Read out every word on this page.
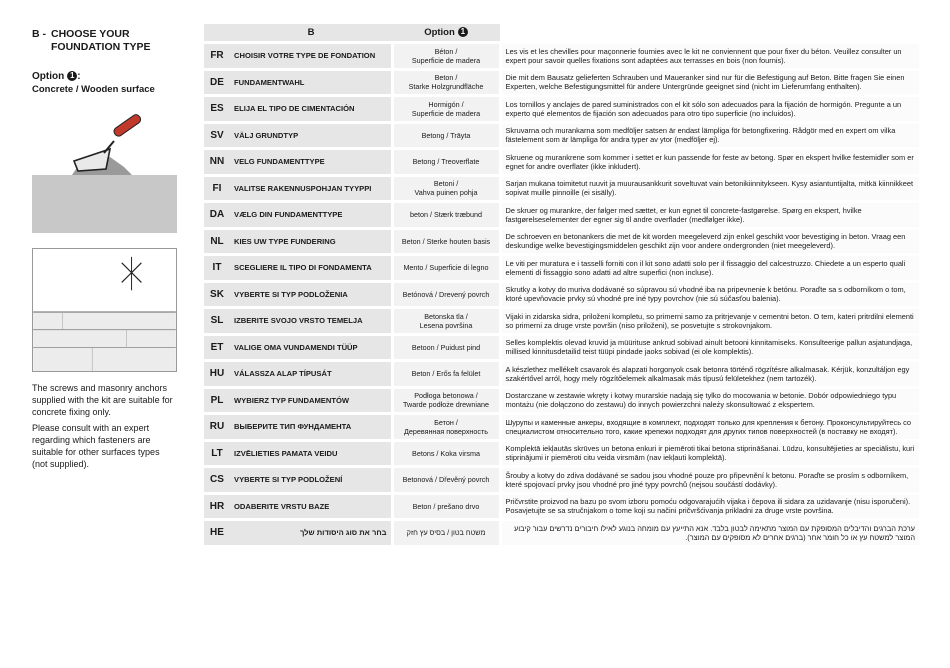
B - CHOOSE YOUR FOUNDATION TYPE
Option 1 :
Concrete / Wooden surface

The screws and masonry anchors supplied with the kit are suitable for concrete fixing only.

Please consult with an expert regarding which fasteners are suitable for other surfaces types (not supplied).

	B	Option 1	
FR	CHOISIR VOTRE TYPE DE FONDATION	Béton /
Superficie de madera	Les vis et les chevilles pour maçonnerie fournies avec le kit ne conviennent que pour fixer du béton. Veuillez consulter un expert pour savoir quelles fixations sont adaptées aux terrasses en bois (non fournis).
DE	FUNDAMENTWAHL	Beton /
Starke Holzgrundfläche	Die mit dem Bausatz gelieferten Schrauben und Maueranker sind nur für die Befestigung auf Beton. Bitte fragen Sie einen Experten, welche Befestigungsmittel für andere Untergründe geeignet sind (nicht im Lieferumfang enthalten).
ES	ELIJA EL TIPO DE CIMENTACIÓN	Hormigón /
Superficie de madera	Los tornillos y anclajes de pared suministrados con el kit sólo son adecuados para la fijación de hormigón. Pregunte a un experto qué elementos de fijación son adecuados para otro tipo superficie (no incluidos).
SV	VÄLJ GRUNDTYP	Betong / Trāyta	Skruvarna och murankarna som medföljer satsen är endast lämpliga för betongfixering. Rådgör med en expert om vilka fästelement som är lämpliga för andra typer av ytor (medföljer ej).
NN	VELG FUNDAMENTTYPE	Betong / Treoverflate	Skruene og murankrene som kommer i settet er kun passende for feste av betong. Spør en ekspert hvilke festemidler som er egnet for andre overflater (ikke inkludert).
FI	VALITSE RAKENNUSPOHJAN TYYPPI	Betoni /
Vahva puinen pohja	Sarjan mukana toimitetut ruuvit ja muurausankkurit soveltuvat vain betonikiinnitykseen. Kysy asiantuntijalta, mitkä kiinnikkeet sopivat muille pinnoille (ei sisälly).
DA	VÆLG DIN FUNDAMENTTYPE	beton / Stærk træbund	De skruer og murankre, der følger med sættet, er kun egnet til concrete-fastgørelse. Spørg en ekspert, hvilke fastgørelseselementer der egner sig til andre overflader (medfølger ikke).
NL	KIES UW TYPE FUNDERING	Beton / Sterke houten basis	De schroeven en betonankers die met de kit worden meegeleverd zijn enkel geschikt voor bevestiging in beton. Vraag een deskundige welke bevestigingsmiddelen geschikt zijn voor andere ondergronden (niet meegeleverd).
IT	SCEGLIERE IL TIPO DI FONDAMENTA	Mento / Superficie di legno	Le viti per muratura e i tasselli forniti con il kit sono adatti solo per il fissaggio del calcestruzzo. Chiedete a un esperto quali elementi di fissaggio sono adatti ad altre superfici (non incluse).
SK	VYBERTE SI TYP PODLOŽENIA	Betónová / Drevený povrch	Skrutky a kotvy do muriva dodávané so súpravou sú vhodné iba na pripevnenie k betónu. Poraďte sa s odborníkom o tom, ktoré upevňovacie prvky sú vhodné pre iné typy povrchov (nie sú súčasťou balenia).
SL	IZBERITE SVOJO VRSTO TEMELJA	Betonska tla /
Lesena površina	Vijaki in zidarska sidra, priloženi kompletu, so primerni samo za pritrjevanje v cementni beton. O tem, kateri pritrdilni elementi so primerni za druge vrste površin (niso priloženi), se posvetujte s strokovnjakom.
ET	VALIGE OMA VUNDAMENDI TÜÜP	Betoon / Puidust pind	Selles komplektis olevad kruvid ja müürituse ankrud sobivad ainult betooni kinnitamiseks. Konsulteerige pallun asjatundjaga, millised kinnitusdetailid teist tüüpi pindade jaoks sobivad (ei ole komplektis).
HU	VÁLASSZA ALAP TÍPUSÁT	Beton / Erős fa felület	A készlethez mellékelt csavarok és alapzati horgonyok csak betonra történő rögzítésre alkalmasak. Kérjük, konzultáljon egy szakértővel arról, hogy mely rögzítőelemek alkalmasak más típusú felületekhez (nem tartozék).
PL	WYBIERZ TYP FUNDAMENTÓW	Podłoga betonowa /
Twarde podłoże drewniane	Dostarczane w zestawie wkręty i kotwy murarskie nadają się tylko do mocowania w betonie. Dobór odpowiedniego typu montażu (nie dołączono do zestawu) do innych powierzchni należy skonsultować z ekspertem.
RU	ВЫБЕРИТЕ ТИП ФУНДАМЕНТА	Бетон /
Деревянная поверхность	Шурупы и каменные анкеры, входящие в комплект, подходят только для крепления к бетону. Проконсультируйтесь со специалистом относительно того, какие крепежи подходят для других типов поверхностей (в поставку не входят).
LT	IZVĒLIETIES PAMATA VEIDU	Betons / Koka virsma	Komplektā iekļautās skrūves un betona enkuri ir piemēroti tikai betona stiprināšanai. Lūdzu, konsultējieties ar speciālistu, kuri stiprinājumi ir piemēroti citu veida virsmām (nav iekļauti komplektā).
CS	VYBERTE SI TYP PODLOŽENÍ	Betonová / Dřevěný povrch	Šrouby a kotvy do zdiva dodávané se sadou jsou vhodné pouze pro připevnění k betonu. Poraďte se prosím s odborníkem, které spojovací prvky jsou vhodné pro jiné typy povrchů (nejsou součástí dodávky).
HR	ODABERITE VRSTU BAZE	Beton / prešano drvo	Pričvrstite proizvod na bazu po svom izboru pomoću odgovarajućih vijaka i čepova ili sidara za uzidavanje (nisu isporučeni). Posavjetujte se sa stručnjakom o tome koji su načini pričvršćivanja prikladni za druge vrste površina.
HE	בחר את סוג היסודות שלך	משטח בטון / בסיס עץ חזק	ערכת הברגים והדיבלים המסופקת עם המוצר מתאימה לבטון בלבד. אנא התייעץ עם מומחה בנוגע לאילו חיבורים נדרשים עבור קיבוע המוצר למשטח עץ או כל חומר אחר (ברגים אחרים לא מסופקים עם המוצר).
